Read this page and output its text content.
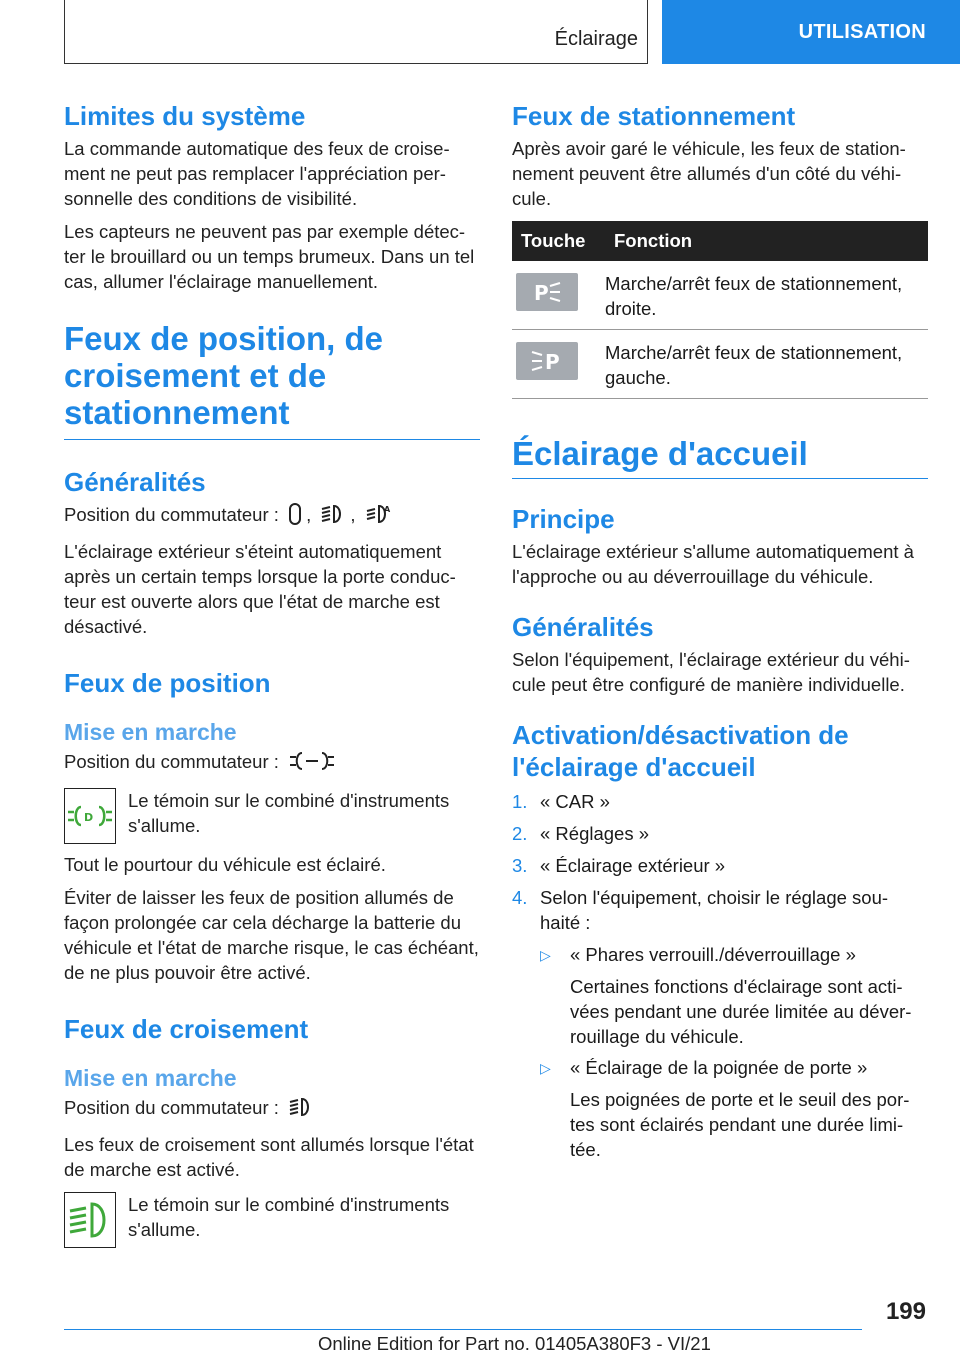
Éclairage	UTILISATION
Limites du système

La commande automatique des feux de croise-ment ne peut pas remplacer l'appréciation per-sonnelle des conditions de visibilité.

Les capteurs ne peuvent pas par exemple détec-ter le brouillard ou un temps brumeux. Dans un tel cas, allumer l'éclairage manuellement.

Feux de position, de croisement et de stationnement
Généralités

Position du commutateur : , ,	A

L'éclairage extérieur s'éteint automatiquement après un certain temps lorsque la porte conduc-teur est ouverte alors que l'état de marche est désactivé.

Feux de position
Mise en marche

Position du commutateur :

D

Le témoin sur le combiné d'instruments s'allume.

Tout le pourtour du véhicule est éclairé.

Éviter de laisser les feux de position allumés de façon prolongée car cela décharge la batterie du véhicule et l'état de marche risque, le cas échéant, de ne plus pouvoir être activé.

Feux de croisement
Mise en marche

Position du commutateur :

Les feux de croisement sont allumés lorsque l'état de marche est activé.

Le témoin sur le combiné d'instruments s'allume.

Feux de stationnement

Après avoir garé le véhicule, les feux de station-nement peuvent être allumés d'un côté du véhi-cule.

Touche	Fonction

P	Marche/arrêt feux de stationnement, droite.

P	Marche/arrêt feux de stationnement, gauche.
Éclairage d'accueil
Principe

L'éclairage extérieur s'allume automatiquement à l'approche ou au déverrouillage du véhicule.

Généralités

Selon l'équipement, l'éclairage extérieur du véhi-cule peut être configuré de manière individuelle.

Activation/désactivation de l'éclairage d'accueil
1. « CAR »
2. « Réglages »
3. « Éclairage extérieur »
4. Selon l'équipement, choisir le réglage sou-haité :
▷	« Phares verrouill./déverrouillage »
Certaines fonctions d'éclairage sont acti-vées pendant une durée limitée au déver-rouillage du véhicule.
▷	« Éclairage de la poignée de porte »
Les poignées de porte et le seuil des por-tes sont éclairés pendant une durée limi-tée.
199
Online Edition for Part no. 01405A380F3 - VI/21
